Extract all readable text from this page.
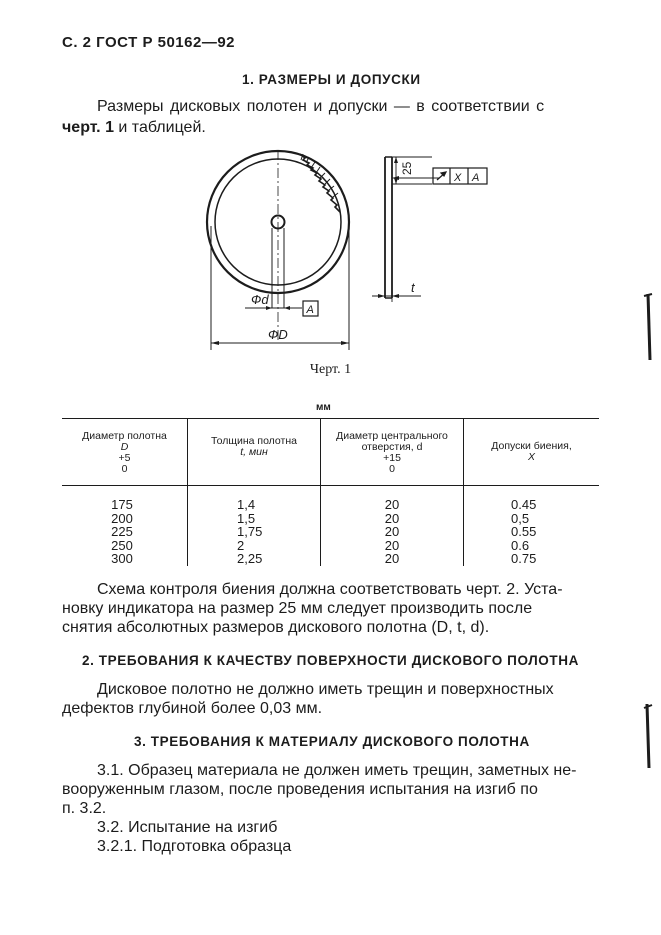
С. 2 ГОСТ Р 50162—92
1. РАЗМЕРЫ И ДОПУСКИ
Размеры дисковых полотен и допуски — в соответствии с
черт. 1 и таблицей.
Фd
A
ФD
25
X A
t
Черт. 1
мм
Диаметр полотна
D
+5
0
Толщина полотна
t, мин
Диаметр центрального
отверстия, d
+15
0
Допуски биения,
X
175
200
225
250
300
1,4
1,5
1,75
2
2,25
20
20
20
20
20
0.45
0,5
0.55
0.6
0.75
Схема контроля биения должна соответствовать черт. 2. Уста-
новку индикатора на размер 25 мм следует производить после
снятия абсолютных размеров дискового полотна (D, t, d).
2. ТРЕБОВАНИЯ К КАЧЕСТВУ ПОВЕРХНОСТИ ДИСКОВОГО ПОЛОТНА
Дисковое полотно не должно иметь трещин и поверхностных
дефектов глубиной более 0,03 мм.
3. ТРЕБОВАНИЯ К МАТЕРИАЛУ ДИСКОВОГО ПОЛОТНА
3.1. Образец материала не должен иметь трещин, заметных не-
вооруженным глазом, после проведения испытания на изгиб по
п. 3.2.
3.2. Испытание на изгиб
3.2.1. Подготовка образца
